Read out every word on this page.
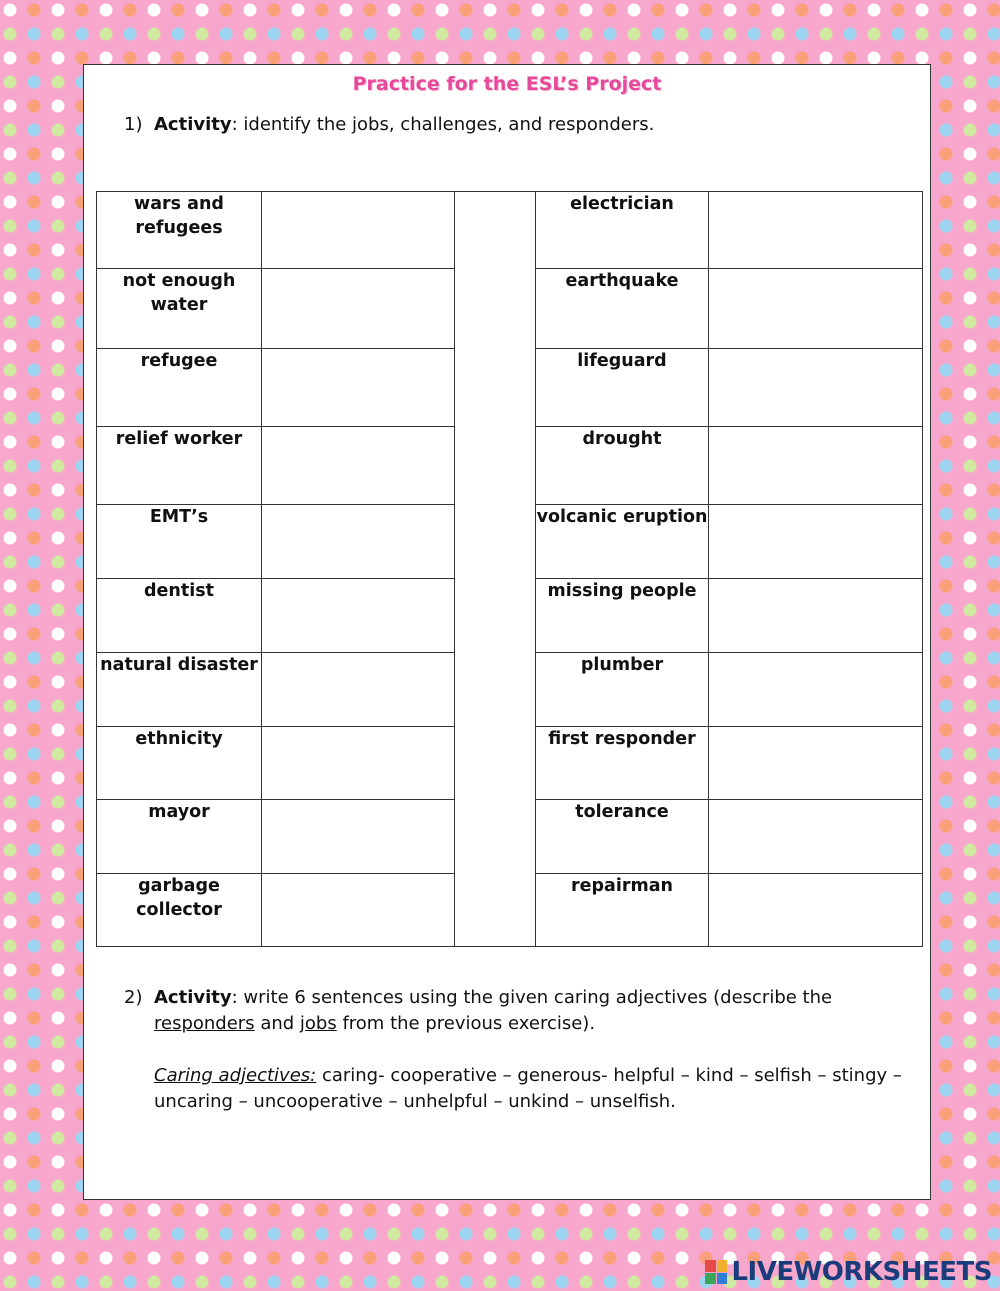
Practice for the ESL’s Project
1) Activity: identify the jobs, challenges, and responders.
wars and refugees			electrician	
not enough water			earthquake	
refugee			lifeguard	
relief worker			drought	
EMT’s			volcanic eruption	
dentist			missing people	
natural disaster			plumber	
ethnicity			first responder	
mayor			tolerance	
garbage collector			repairman	
2) Activity: write 6 sentences using the given caring adjectives (describe the
responders and jobs from the previous exercise).
Caring adjectives: caring- cooperative – generous- helpful – kind – selfish – stingy – uncaring – uncooperative – unhelpful – unkind – unselfish.
LIVEWORKSHEETS
